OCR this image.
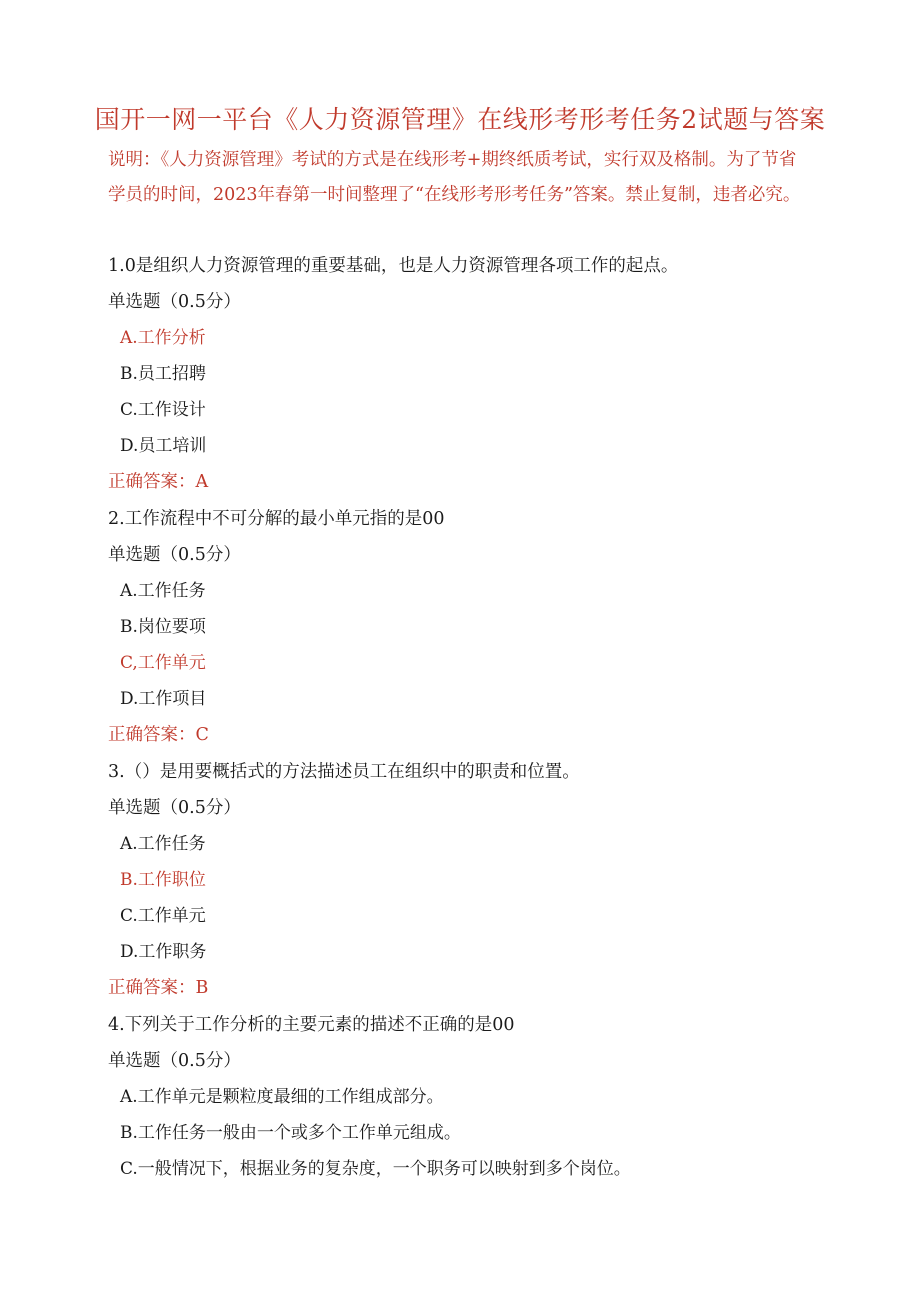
国开一网一平台《人力资源管理》在线形考形考任务2试题与答案
说明：《人力资源管理》考试的方式是在线形考+期终纸质考试，实行双及格制。为了节省学员的时间，2023年春第一时间整理了“在线形考形考任务”答案。禁止复制，违者必究。
1.0是组织人力资源管理的重要基础，也是人力资源管理各项工作的起点。
单选题（0.5分）
A.工作分析
B.员工招聘
C.工作设计
D.员工培训
正确答案：A
2.工作流程中不可分解的最小单元指的是00
单选题（0.5分）
A.工作任务
B.岗位要项
C,工作单元
D.工作项目
正确答案：C
3.（）是用要概括式的方法描述员工在组织中的职责和位置。
单选题（0.5分）
A.工作任务
B.工作职位
C.工作单元
D.工作职务
正确答案：B
4.下列关于工作分析的主要元素的描述不正确的是00
单选题（0.5分）
A.工作单元是颗粒度最细的工作组成部分。
B.工作任务一般由一个或多个工作单元组成。
C.一般情况下，根据业务的复杂度，一个职务可以映射到多个岗位。
